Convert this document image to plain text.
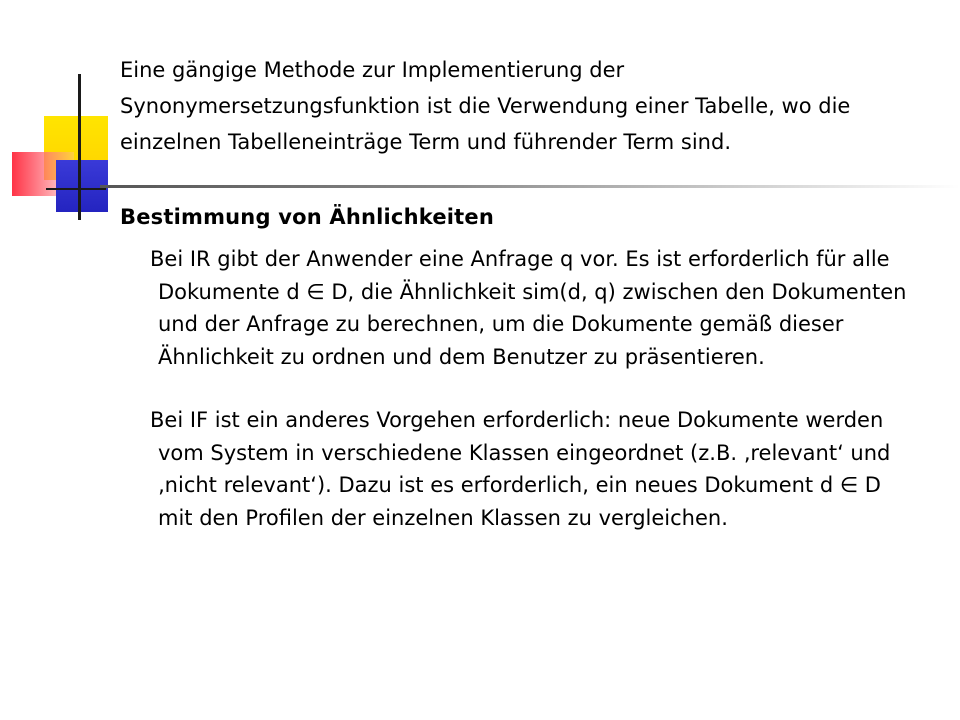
Eine gängige Methode zur Implementierung der Synonymersetzungsfunktion ist die Verwendung einer Tabelle, wo die einzelnen Tabelleneinträge Term und führender Term sind.

Bestimmung von Ähnlichkeiten

Bei IR gibt der Anwender eine Anfrage q vor. Es ist erforderlich für alle Dokumente d ∈ D, die Ähnlichkeit sim(d, q) zwischen den Dokumenten und der Anfrage zu berechnen, um die Dokumente gemäß dieser Ähnlichkeit zu ordnen und dem Benutzer zu präsentieren.

Bei IF ist ein anderes Vorgehen erforderlich: neue Dokumente werden vom System in verschiedene Klassen eingeordnet (z.B. ‚relevant‘ und ‚nicht relevant‘). Dazu ist es erforderlich, ein neues Dokument d ∈ D mit den Profilen der einzelnen Klassen zu vergleichen.
